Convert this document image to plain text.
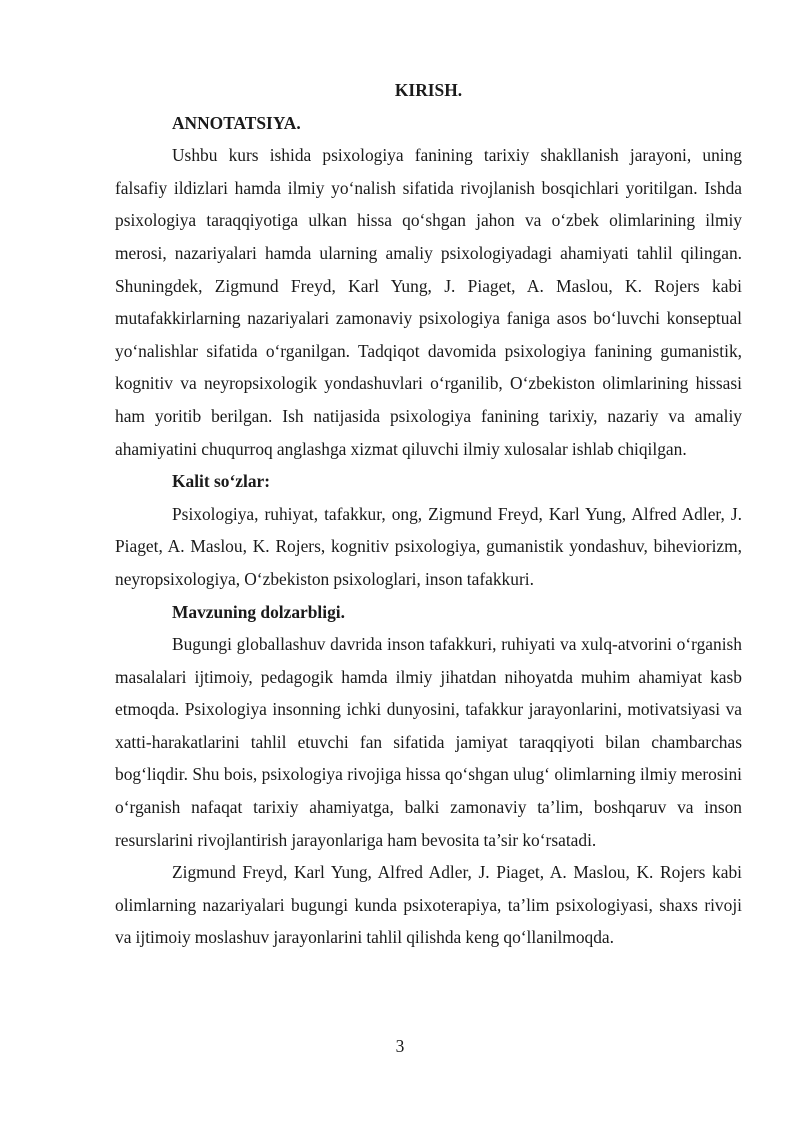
KIRISH.

ANNOTATSIYA.

Ushbu kurs ishida psixologiya fanining tarixiy shakllanish jarayoni, uning falsafiy ildizlari hamda ilmiy yo‘nalish sifatida rivojlanish bosqichlari yoritilgan. Ishda psixologiya taraqqiyotiga ulkan hissa qo‘shgan jahon va o‘zbek olimlarining ilmiy merosi, nazariyalari hamda ularning amaliy psixologiyadagi ahamiyati tahlil qilingan. Shuningdek, Zigmund Freyd, Karl Yung, J. Piaget, A. Maslou, K. Rojers kabi mutafakkirlarning nazariyalari zamonaviy psixologiya faniga asos bo‘luvchi konseptual yo‘nalishlar sifatida o‘rganilgan. Tadqiqot davomida psixologiya fanining gumanistik, kognitiv va neyropsixologik yondashuvlari o‘rganilib, O‘zbekiston olimlarining hissasi ham yoritib berilgan. Ish natijasida psixologiya fanining tarixiy, nazariy va amaliy ahamiyatini chuqurroq anglashga xizmat qiluvchi ilmiy xulosalar ishlab chiqilgan.

Kalit so‘zlar:

Psixologiya, ruhiyat, tafakkur, ong, Zigmund Freyd, Karl Yung, Alfred Adler, J. Piaget, A. Maslou, K. Rojers, kognitiv psixologiya, gumanistik yondashuv, biheviorizm, neyropsixologiya, O‘zbekiston psixologlari, inson tafakkuri.

Mavzuning dolzarbligi.

Bugungi globallashuv davrida inson tafakkuri, ruhiyati va xulq-atvorini o‘rganish masalalari ijtimoiy, pedagogik hamda ilmiy jihatdan nihoyatda muhim ahamiyat kasb etmoqda. Psixologiya insonning ichki dunyosini, tafakkur jarayonlarini, motivatsiyasi va xatti-harakatlarini tahlil etuvchi fan sifatida jamiyat taraqqiyoti bilan chambarchas bog‘liqdir. Shu bois, psixologiya rivojiga hissa qo‘shgan ulug‘ olimlarning ilmiy merosini o‘rganish nafaqat tarixiy ahamiyatga, balki zamonaviy ta’lim, boshqaruv va inson resurslarini rivojlantirish jarayonlariga ham bevosita ta’sir ko‘rsatadi.

Zigmund Freyd, Karl Yung, Alfred Adler, J. Piaget, A. Maslou, K. Rojers kabi olimlarning nazariyalari bugungi kunda psixoterapiya, ta’lim psixologiyasi, shaxs rivoji va ijtimoiy moslashuv jarayonlarini tahlil qilishda keng qo‘llanilmoqda.

3
